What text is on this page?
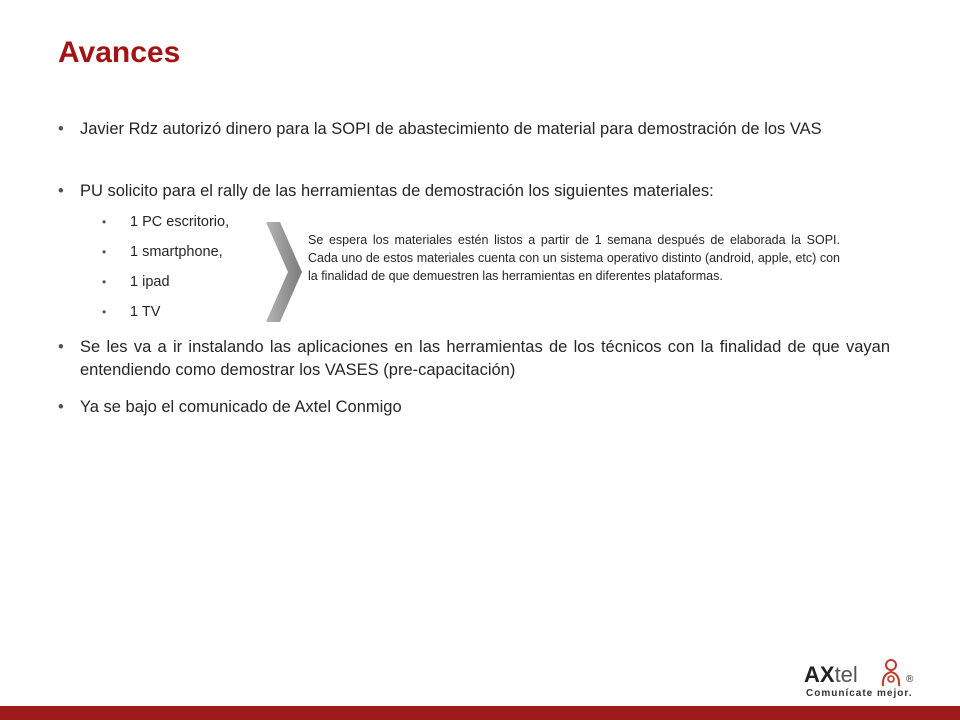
Avances
• Javier Rdz autorizó dinero para la SOPI de abastecimiento de material para demostración de los VAS
• PU solicito para el rally de las herramientas de demostración los siguientes materiales:
• 1 PC escritorio,
• 1 smartphone,
• 1 ipad
• 1 TV
• Se les va a ir instalando las aplicaciones en las herramientas de los técnicos con la finalidad de que vayan entendiendo como demostrar los VASES (pre-capacitación)
• Ya se bajo el comunicado de Axtel Conmigo
Se espera los materiales estén listos a partir de 1 semana después de elaborada la SOPI. Cada uno de estos materiales cuenta con un sistema operativo distinto (android, apple, etc) con la finalidad de que demuestren las herramientas en diferentes plataformas.
AXtel	®
Comunícate mejor.
